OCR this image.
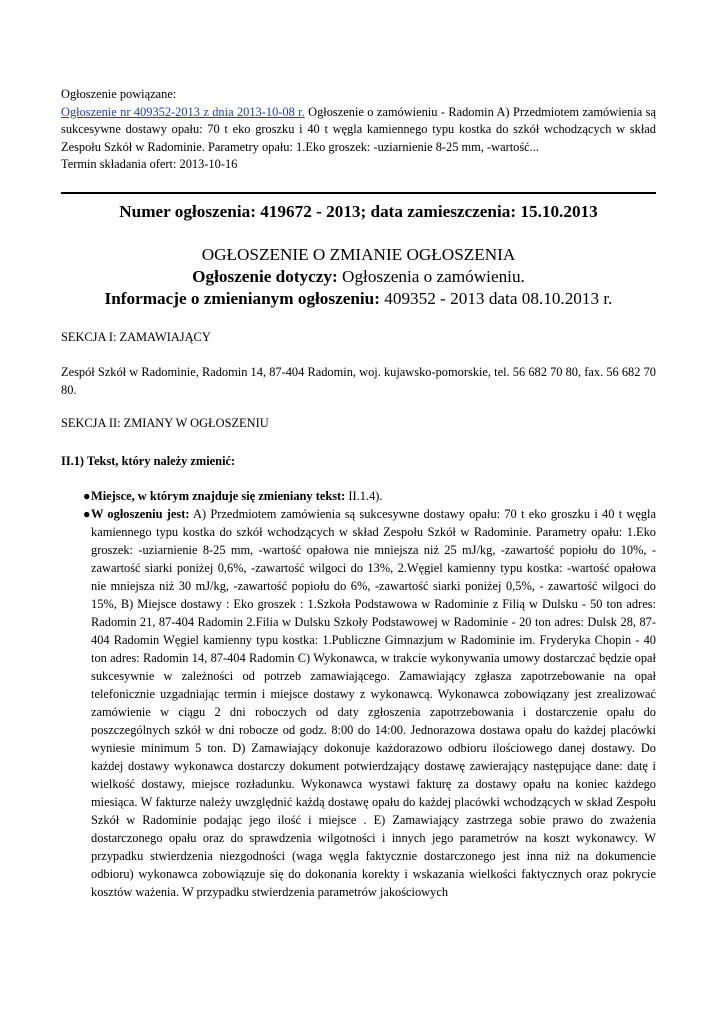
Ogłoszenie powiązane:
Ogłoszenie nr 409352-2013 z dnia 2013-10-08 r. Ogłoszenie o zamówieniu - Radomin A) Przedmiotem zamówienia są sukcesywne dostawy opału: 70 t eko groszku i 40 t węgla kamiennego typu kostka do szkół wchodzących w skład Zespołu Szkół w Radominie. Parametry opału: 1.Eko groszek: -uziarnienie 8-25 mm, -wartość...
Termin składania ofert: 2013-10-16
Numer ogłoszenia: 419672 - 2013; data zamieszczenia: 15.10.2013
OGŁOSZENIE O ZMIANIE OGŁOSZENIA
Ogłoszenie dotyczy: Ogłoszenia o zamówieniu.
Informacje o zmienianym ogłoszeniu: 409352 - 2013 data 08.10.2013 r.
SEKCJA I: ZAMAWIAJĄCY
Zespół Szkół w Radominie, Radomin 14, 87-404 Radomin, woj. kujawsko-pomorskie, tel. 56 682 70 80, fax. 56 682 70 80.
SEKCJA II: ZMIANY W OGŁOSZENIU
II.1) Tekst, który należy zmienić:
● Miejsce, w którym znajduje się zmieniany tekst: II.1.4).
● W ogłoszeniu jest: A) Przedmiotem zamówienia są sukcesywne dostawy opału: 70 t eko groszku i 40 t węgla kamiennego typu kostka do szkół wchodzących w skład Zespołu Szkół w Radominie. Parametry opału: 1.Eko groszek: -uziarnienie 8-25 mm, -wartość opałowa nie mniejsza niż 25 mJ/kg, -zawartość popiołu do 10%, -zawartość siarki poniżej 0,6%, -zawartość wilgoci do 13%, 2.Węgiel kamienny typu kostka: -wartość opałowa nie mniejsza niż 30 mJ/kg, -zawartość popiołu do 6%, -zawartość siarki poniżej 0,5%, - zawartość wilgoci do 15%, B) Miejsce dostawy : Eko groszek : 1.Szkoła Podstawowa w Radominie z Filią w Dulsku - 50 ton adres: Radomin 21, 87-404 Radomin 2.Filia w Dulsku Szkoły Podstawowej w Radominie - 20 ton adres: Dulsk 28, 87-404 Radomin Węgiel kamienny typu kostka: 1.Publiczne Gimnazjum w Radominie im. Fryderyka Chopin - 40 ton adres: Radomin 14, 87-404 Radomin C) Wykonawca, w trakcie wykonywania umowy dostarczać będzie opał sukcesywnie w zależności od potrzeb zamawiającego. Zamawiający zgłasza zapotrzebowanie na opał telefonicznie uzgadniając termin i miejsce dostawy z wykonawcą. Wykonawca zobowiązany jest zrealizować zamówienie w ciągu 2 dni roboczych od daty zgłoszenia zapotrzebowania i dostarczenie opału do poszczególnych szkół w dni robocze od godz. 8:00 do 14:00. Jednorazowa dostawa opału do każdej placówki wyniesie minimum 5 ton. D) Zamawiający dokonuje każdorazowo odbioru ilościowego danej dostawy. Do każdej dostawy wykonawca dostarczy dokument potwierdzający dostawę zawierający następujące dane: datę i wielkość dostawy, miejsce rozładunku. Wykonawca wystawi fakturę za dostawy opału na koniec każdego miesiąca. W fakturze należy uwzględnić każdą dostawę opału do każdej placówki wchodzących w skład Zespołu Szkół w Radominie podając jego ilość i miejsce . E) Zamawiający zastrzega sobie prawo do zważenia dostarczonego opału oraz do sprawdzenia wilgotności i innych jego parametrów na koszt wykonawcy. W przypadku stwierdzenia niezgodności (waga węgla faktycznie dostarczonego jest inna niż na dokumencie odbioru) wykonawca zobowiązuje się do dokonania korekty i wskazania wielkości faktycznych oraz pokrycie kosztów ważenia. W przypadku stwierdzenia parametrów jakościowych
